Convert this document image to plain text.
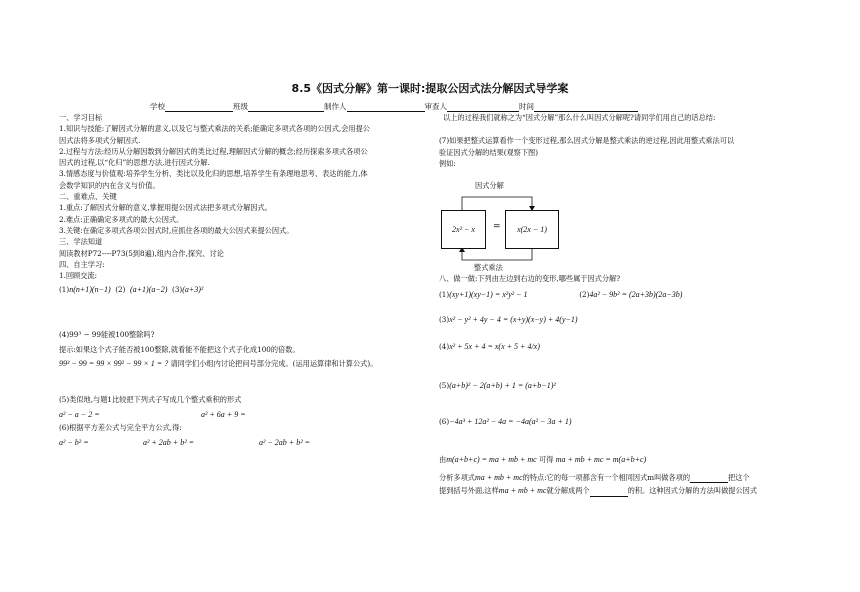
8.5《因式分解》第一课时:提取公因式法分解因式导学案
学校	班级	制作人	审查人	时间
一、学习目标
1.知识与技能:了解因式分解的意义,以及它与整式乘法的关系;能确定多项式各项的公因式,会用提公
因式法将多项式分解因式.
2.过程与方法:经历从分解因数到分解因式的类比过程,理解因式分解的概念;经历探索多项式各项公
因式的过程,以“化归”的思想方法,进行因式分解.
3.情感态度与价值观:培养学生分析、类比以及化归的思想,培养学生有条理地思考、表达的能力,体
会数学知识的内在含义与价值。
二、重难点、关键
1.重点:了解因式分解的意义,掌握用提公因式法把多项式分解因式。
2.难点:正确确定多项式的最大公因式。
3.关键:在确定多项式各项公因式时,应抓住各项的最大公因式来提公因式。
三、学法知道
阅读教材P72----P73(5到8遍),组内合作,探究、讨论
四、自主学习:
1.回顾交流:
(1)n(n+1)(n−1) (2) (a+1)(a−2) (3)(a+3)²
(4)99³ − 99能被100整除吗?
提示:如果这个式子能否被100整除,就看能不能把这个式子化成100的倍数。
99³ − 99 = 99 × 99² − 99 × 1 = ? 请同学们小组内讨论把问号部分完成。(运用运算律和计算公式)。
(5)类似地,与题1比较把下列式子写成几个整式乘积的形式
a² − a − 2 =	a² + 6a + 9 =
(6)根据平方差公式与完全平方公式,得:
a² − b² =	a² + 2ab + b² =	a² − 2ab + b² =
以上的过程我们就称之为“因式分解”那么什么叫因式分解呢?请同学们用自己的话总结:
(7)如果把整式运算看作一个变形过程,那么因式分解是整式乘法的逆过程,因此用整式乘法可以
验证因式分解的结果(观察下图)
例如:
因式分解
2x² − x = x(2x − 1)
整式乘法
八、做一做:下列由左边到右边的变形,哪些属于因式分解?
(1)(xy+1)(xy−1) = x²y² − 1	(2)4a² − 9b² = (2a+3b)(2a−3b)
(3)x² − y² + 4y − 4 = (x+y)(x−y) + 4(y−1)
(4)x² + 5x + 4 = x(x + 5 + 4/x)
(5)(a+b)² − 2(a+b) + 1 = (a+b−1)²
(6)−4a³ + 12a² − 4a = −4a(a² − 3a + 1)
由m(a+b+c) = ma + mb + mc 可得 ma + mb + mc = m(a+b+c)
分析多项式ma + mb + mc的特点:它的每一项都含有一个相同因式m叫做各项的	把这个
提到括号外面,这样ma + mb + mc就分解成两个	的积。这种因式分解的方法叫做提公因式
